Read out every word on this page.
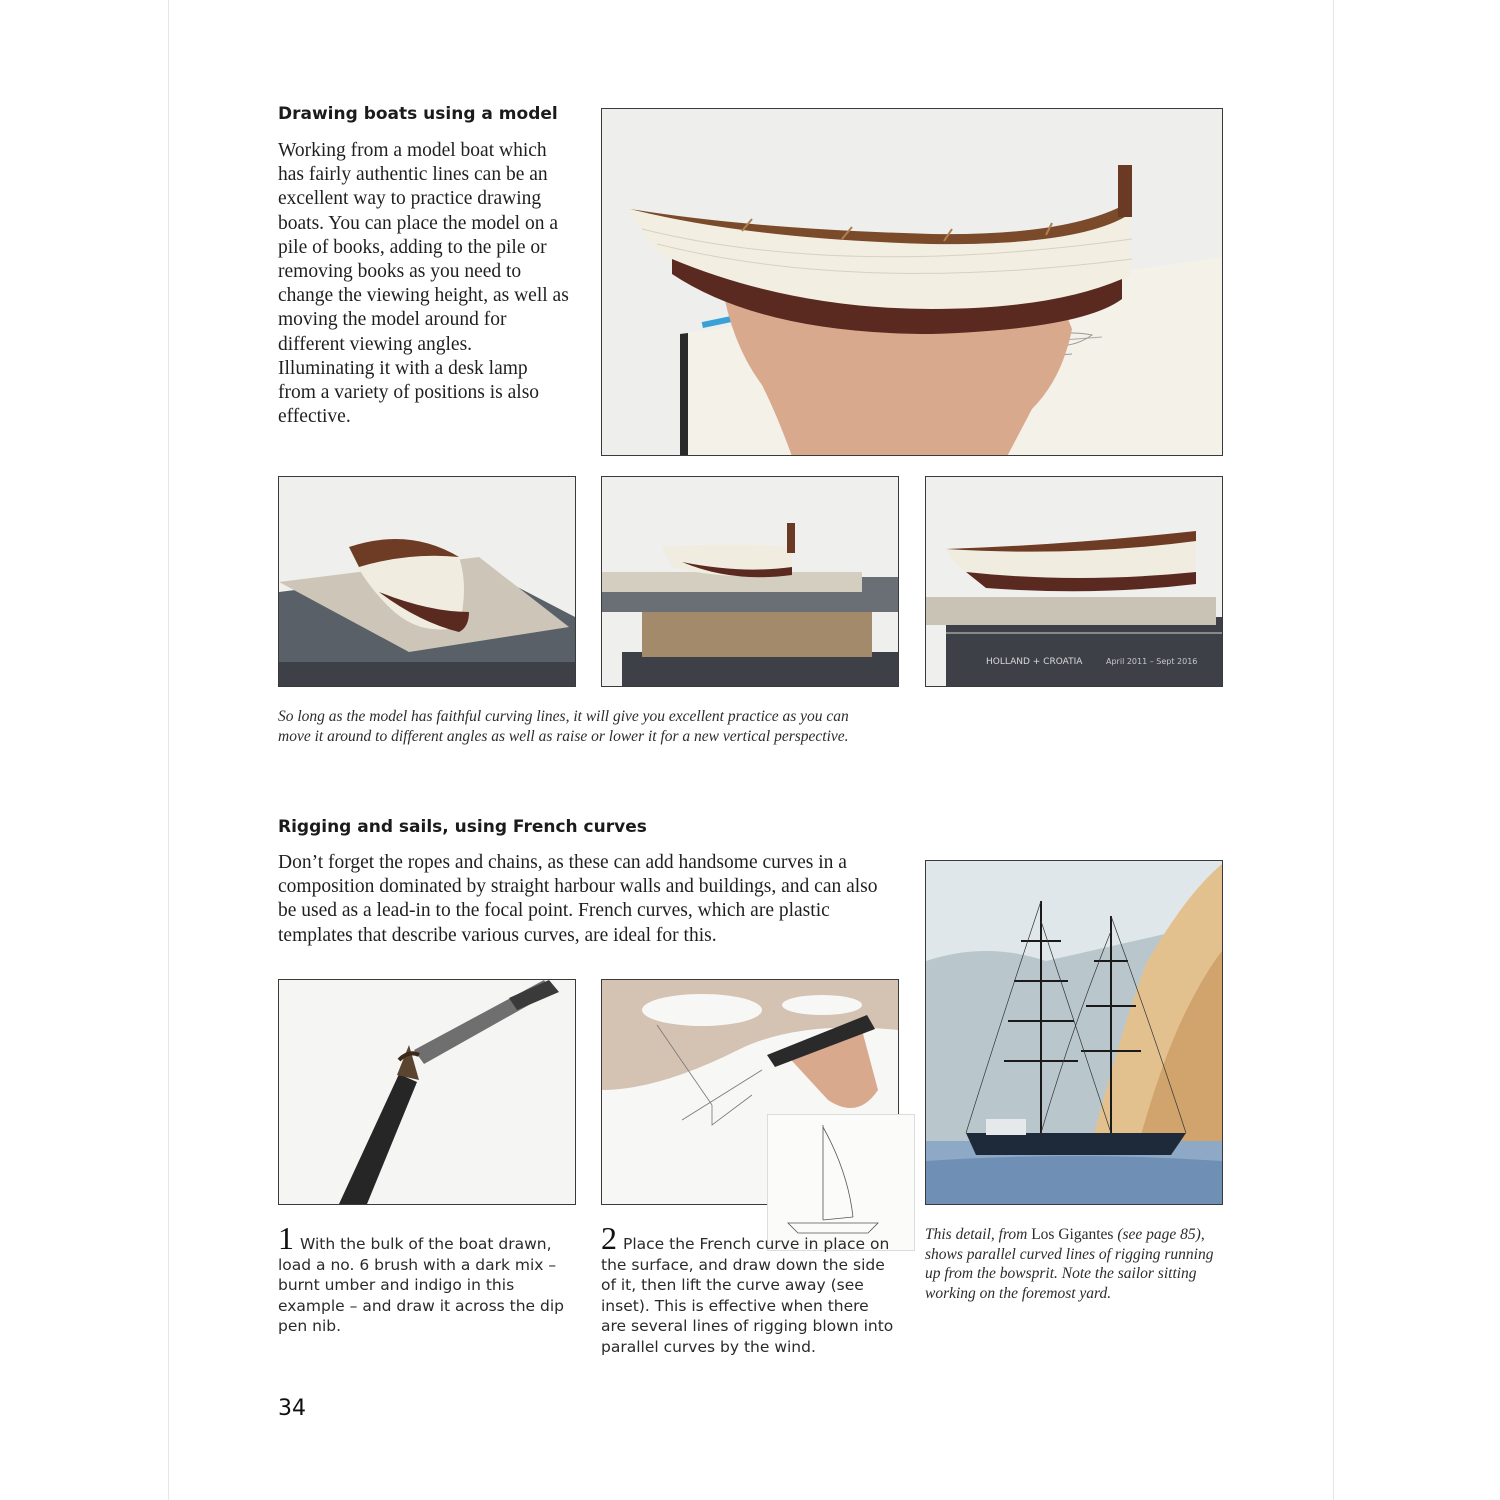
Drawing boats using a model

Working from a model boat which has fairly authentic lines can be an excellent way to practice drawing boats. You can place the model on a pile of books, adding to the pile or removing books as you need to change the viewing height, as well as moving the model around for different viewing angles. Illuminating it with a desk lamp from a variety of positions is also effective.

HOLLAND + CROATIA	April 2011 – Sept 2016

So long as the model has faithful curving lines, it will give you excellent practice as you can move it around to different angles as well as raise or lower it for a new vertical perspective.

Rigging and sails, using French curves

Don’t forget the ropes and chains, as these can add handsome curves in a composition dominated by straight harbour walls and buildings, and can also be used as a lead-in to the focal point. French curves, which are plastic templates that describe various curves, are ideal for this.

1 With the bulk of the boat drawn, load a no. 6 brush with a dark mix – burnt umber and indigo in this example – and draw it across the dip pen nib.

2 Place the French curve in place on the surface, and draw down the side of it, then lift the curve away (see inset). This is effective when there are several lines of rigging blown into parallel curves by the wind.

This detail, from Los Gigantes (see page 85), shows parallel curved lines of rigging running up from the bowsprit. Note the sailor sitting working on the foremost yard.

34
